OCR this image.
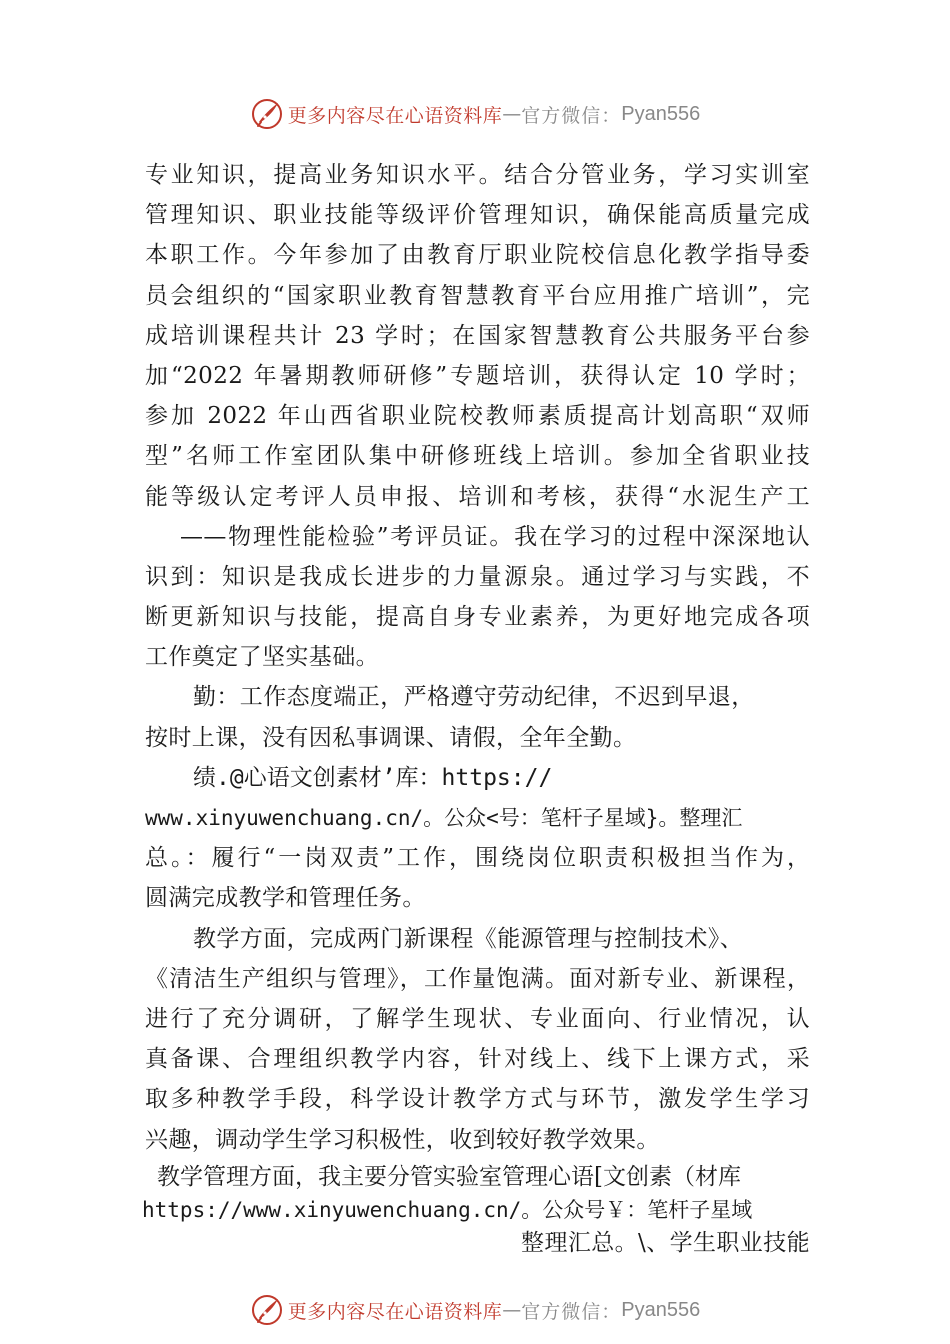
更多内容尽在心语资料库 — 官方微信： Pyan556
专业知识，提高业务知识水平。结合分管业务，学习实训室
管理知识、职业技能等级评价管理知识，确保能高质量完成
本职工作。今年参加了由教育厅职业院校信息化教学指导委
员会组织的“国家职业教育智慧教育平台应用推广培训”，完
成培训课程共计 23 学时；在国家智慧教育公共服务平台参
加“2022 年暑期教师研修”专题培训，获得认定 10 学时；
参加 2022 年山西省职业院校教师素质提高计划高职“双师
型”名师工作室团队集中研修班线上培训。参加全省职业技
能等级认定考评人员申报、培训和考核，获得“水泥生产工
——物理性能检验”考评员证。我在学习的过程中深深地认
识到：知识是我成长进步的力量源泉。通过学习与实践，不
断更新知识与技能，提高自身专业素养，为更好地完成各项
工作奠定了坚实基础。
勤：工作态度端正，严格遵守劳动纪律，不迟到早退，
按时上课，没有因私事调课、请假，全年全勤。
绩.@心语文创素材’库：https://
www.xinyuwenchuang.cn/。公众<号：笔杆子星域}。整理汇
总。：履行“一岗双责”工作，围绕岗位职责积极担当作为，
圆满完成教学和管理任务。
教学方面，完成两门新课程《能源管理与控制技术》、
《清洁生产组织与管理》，工作量饱满。面对新专业、新课程，
进行了充分调研，了解学生现状、专业面向、行业情况，认
真备课、合理组织教学内容，针对线上、线下上课方式，采
取多种教学手段，科学设计教学方式与环节，激发学生学习
兴趣，调动学生学习积极性，收到较好教学效果。
教学管理方面，我主要分管实验室管理心语[文创素（材库
https://www.xinyuwenchuang.cn/。公众号￥：笔杆子星域
整理汇总。\、学生职业技能
更多内容尽在心语资料库 — 官方微信： Pyan556
